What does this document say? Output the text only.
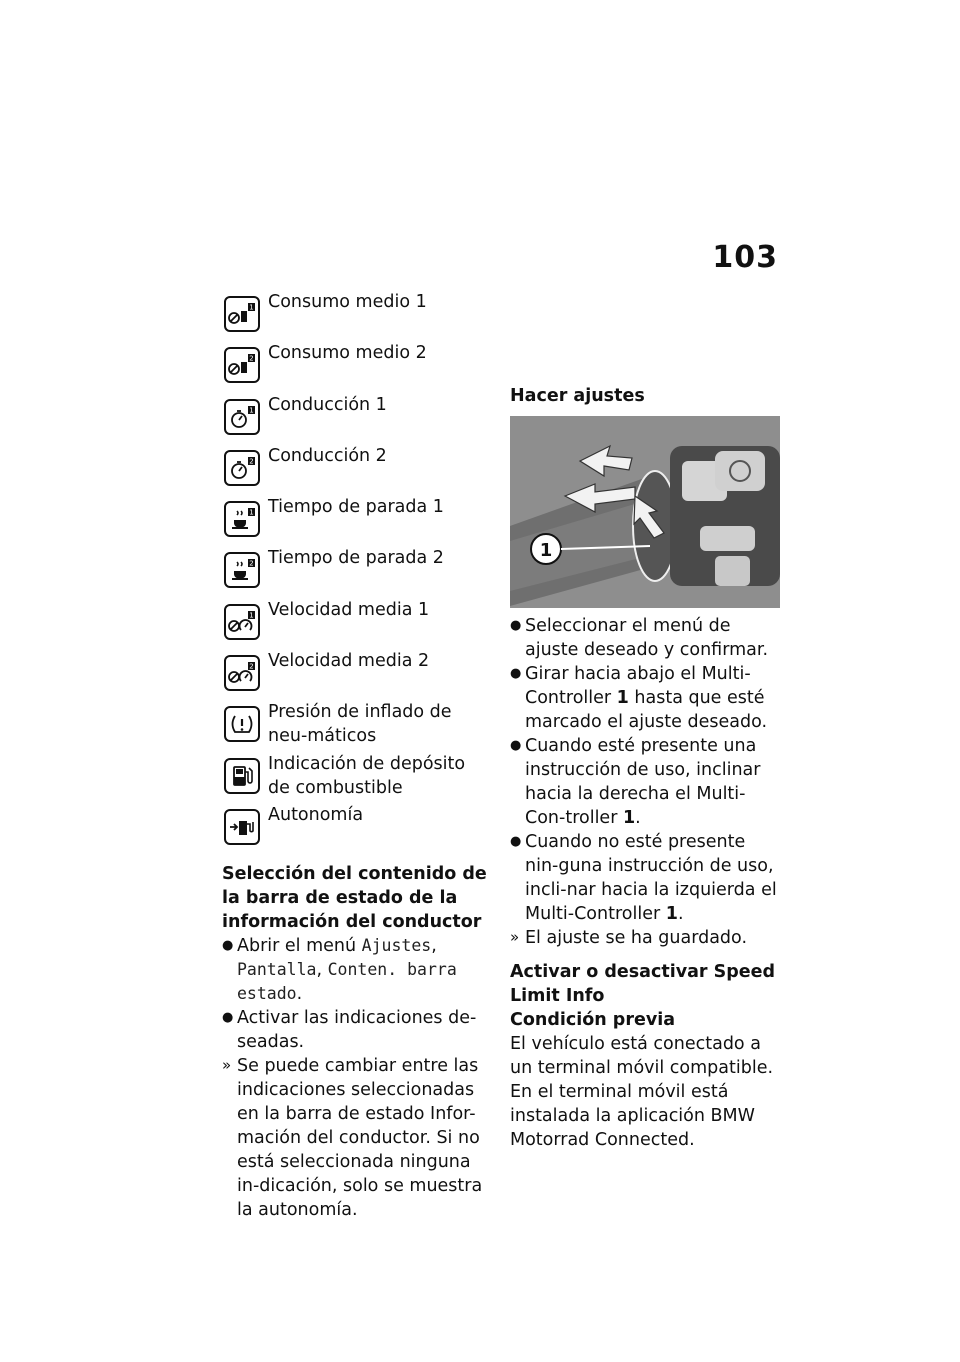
103
1 Consumo medio 1
2 Consumo medio 2
1 Conducción 1
2 Conducción 2
1 Tiempo de parada 1
2 Tiempo de parada 2
1 Velocidad media 1
2 Velocidad media 2
Presión de inflado de neu-máticos
Indicación de depósito de combustible
Autonomía
Selección del contenido de la barra de estado de la información del conductor
● Abrir el menú Ajustes, Pantalla, Conten. barra estado.
● Activar las indicaciones de-seadas.
» Se puede cambiar entre las indicaciones seleccionadas en la barra de estado Infor-mación del conductor. Si no está seleccionada ninguna in-dicación, solo se muestra la autonomía.
Hacer ajustes
1
● Seleccionar el menú de ajuste deseado y confirmar.
● Girar hacia abajo el Multi-Controller 1 hasta que esté marcado el ajuste deseado.
● Cuando esté presente una instrucción de uso, inclinar hacia la derecha el Multi-Con-troller 1.
● Cuando no esté presente nin-guna instrucción de uso, incli-nar hacia la izquierda el Multi-Controller 1.
» El ajuste se ha guardado.
Activar o desactivar Speed Limit Info
Condición previa
El vehículo está conectado a un terminal móvil compatible. En el terminal móvil está instalada la aplicación BMW Motorrad Connected.
